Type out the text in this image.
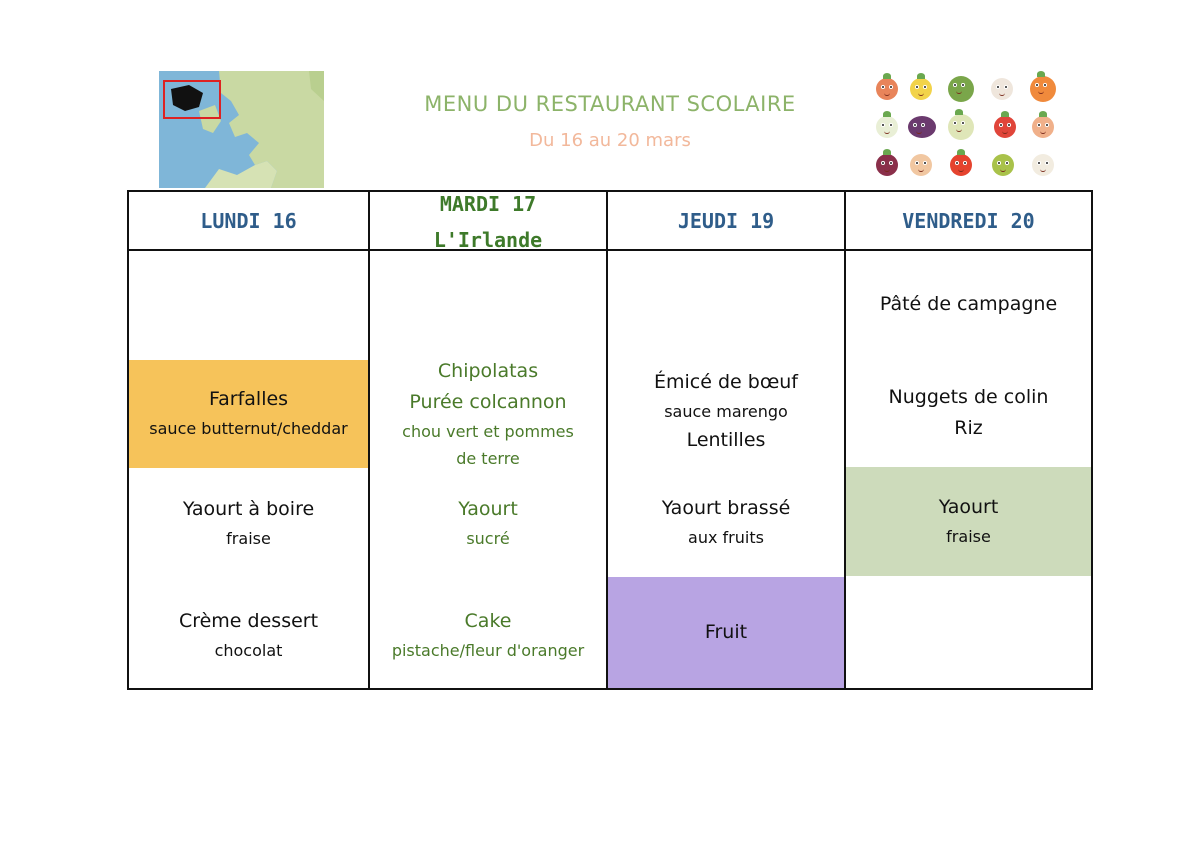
MENU DU RESTAURANT SCOLAIRE
Du 16 au 20 mars
LUNDI 16
Farfalles
sauce butternut/cheddar
Yaourt à boire
fraise
Crème dessert
chocolat
MARDI 17
L'Irlande
Chipolatas
Purée colcannon
chou vert et pommes de terre
Yaourt
sucré
Cake
pistache/fleur d'oranger
JEUDI 19
Émicé de bœuf
sauce marengo
Lentilles
Yaourt brassé
aux fruits
Fruit
VENDREDI 20
Pâté de campagne
Nuggets de colin
Riz
Yaourt
fraise
